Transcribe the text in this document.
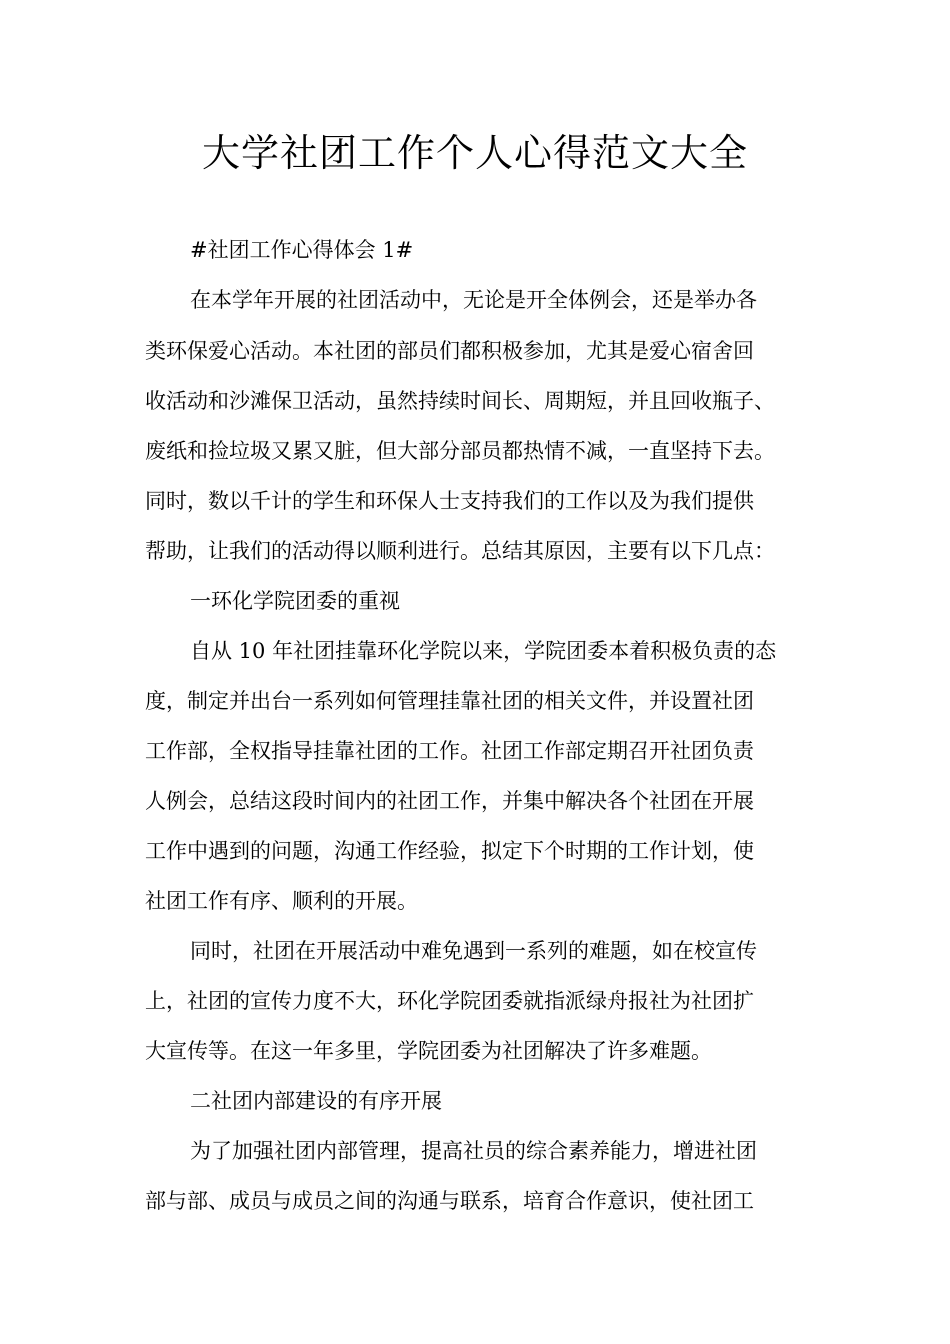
大学社团工作个人心得范文大全
#社团工作心得体会 1#
在本学年开展的社团活动中，无论是开全体例会，还是举办各
类环保爱心活动。本社团的部员们都积极参加，尤其是爱心宿舍回
收活动和沙滩保卫活动，虽然持续时间长、周期短，并且回收瓶子、
废纸和捡垃圾又累又脏，但大部分部员都热情不减，一直坚持下去。
同时，数以千计的学生和环保人士支持我们的工作以及为我们提供
帮助，让我们的活动得以顺利进行。总结其原因，主要有以下几点：
一环化学院团委的重视
自从 10 年社团挂靠环化学院以来，学院团委本着积极负责的态
度，制定并出台一系列如何管理挂靠社团的相关文件，并设置社团
工作部，全权指导挂靠社团的工作。社团工作部定期召开社团负责
人例会，总结这段时间内的社团工作，并集中解决各个社团在开展
工作中遇到的问题，沟通工作经验，拟定下个时期的工作计划，使
社团工作有序、顺利的开展。
同时，社团在开展活动中难免遇到一系列的难题，如在校宣传
上，社团的宣传力度不大，环化学院团委就指派绿舟报社为社团扩
大宣传等。在这一年多里，学院团委为社团解决了许多难题。
二社团内部建设的有序开展
为了加强社团内部管理，提高社员的综合素养能力，增进社团
部与部、成员与成员之间的沟通与联系，培育合作意识，使社团工
